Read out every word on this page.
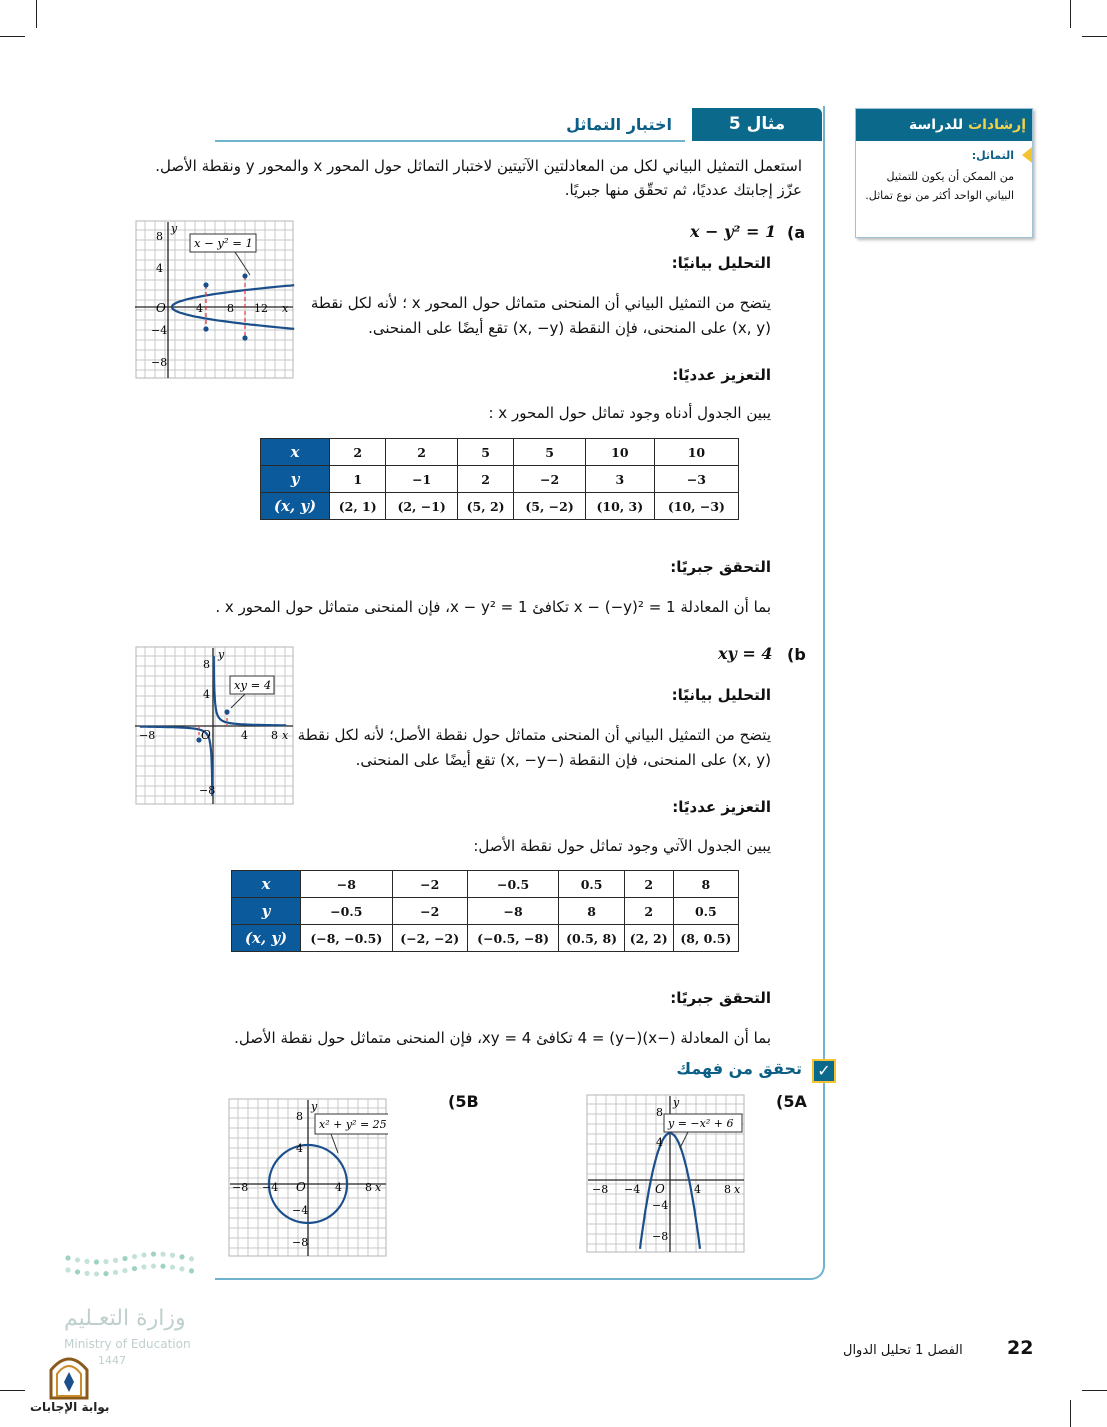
إرشادات للدراسة
التماثل:
من الممكن أن يكون للتمثيل البياني الواحد أكثر من نوع تماثل.
مثال 5
اختبار التماثل
استعمل التمثيل البياني لكل من المعادلتين الآتيتين لاختبار التماثل حول المحور x والمحور y ونقطة الأصل.
عزّز إجابتك عدديًا، ثم تحقّق منها جبريًا.
(a
x − y² = 1
التحليل بيانيًا:
يتضح من التمثيل البياني أن المنحنى متماثل حول المحور x ؛ لأنه لكل نقطة
(x, y) على المنحنى، فإن النقطة (x, −y) تقع أيضًا على المنحنى.
التعزيز عدديًا:
يبين الجدول أدناه وجود تماثل حول المحور x :
x	2	2	5	5	10	10
y	1	−1	2	−2	3	−3
(x, y)	(2, 1)	(2, −1)	(5, 2)	(5, −2)	(10, 3)	(10, −3)
التحقق جبريًا:
بما أن المعادلة x − (−y)² = 1 تكافئ x − y² = 1، فإن المنحنى متماثل حول المحور x .
x − y² = 1
8
4
−4
−8
y
O	4 8 12 x
(b
xy = 4
التحليل بيانيًا:
يتضح من التمثيل البياني أن المنحنى متماثل حول نقطة الأصل؛ لأنه لكل نقطة
(x, y) على المنحنى، فإن النقطة (−x, −y) تقع أيضًا على المنحنى.
التعزيز عدديًا:
يبين الجدول الآتي وجود تماثل حول نقطة الأصل:
x	−8	−2	−0.5	0.5	2	8
y	−0.5	−2	−8	8	2	0.5
(x, y)	(−8, −0.5)	(−2, −2)	(−0.5, −8)	(0.5, 8)	(2, 2)	(8, 0.5)
التحقق جبريًا:
بما أن المعادلة (−x)(−y) = 4 تكافئ xy = 4، فإن المنحنى متماثل حول نقطة الأصل.
xy = 4
8
4
−8
y
O
−8	4 8 x
✓
تحقق من فهمك
(5A
(5B
y = −x² + 6
8
4
−4
−8
y
O
−8 −4	4 8 x
x² + y² = 25
8
4
−4
−8
y
O
−8 −4	4 8 x
وزارة التعـليم
Ministry of Education
1447
بوابة الإجابات
22
الفصل 1 تحليل الدوال
